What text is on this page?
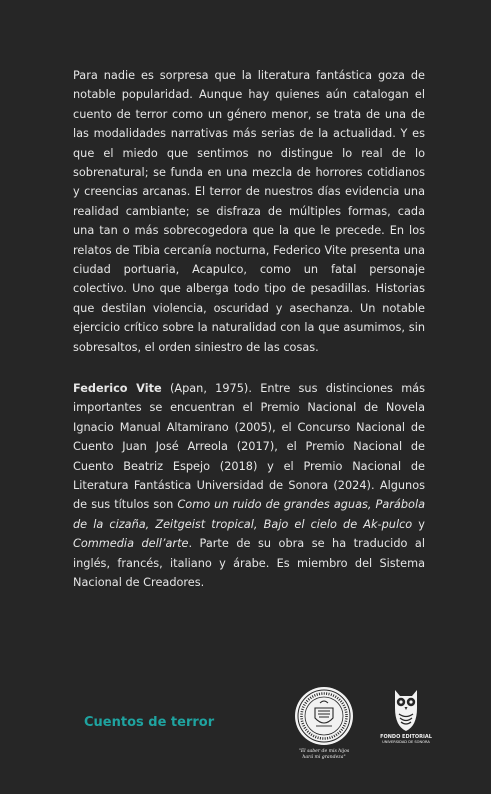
Para nadie es sorpresa que la literatura fantástica goza de notable popularidad. Aunque hay quienes aún catalogan el cuento de terror como un género menor, se trata de una de las modalidades narrativas más serias de la actualidad. Y es que el miedo que sentimos no distingue lo real de lo sobrenatural; se funda en una mezcla de horrores cotidianos y creencias arcanas. El terror de nuestros días evidencia una realidad cambiante; se disfraza de múltiples formas, cada una tan o más sobrecogedora que la que le precede. En los relatos de Tibia cercanía nocturna, Federico Vite presenta una ciudad portuaria, Acapulco, como un fatal personaje colectivo. Uno que alberga todo tipo de pesadillas. Historias que destilan violencia, oscuridad y asechanza. Un notable ejercicio crítico sobre la naturalidad con la que asumimos, sin sobresaltos, el orden siniestro de las cosas.

Federico Vite (Apan, 1975). Entre sus distinciones más importantes se encuentran el Premio Nacional de Novela Ignacio Manual Altamirano (2005), el Concurso Nacional de Cuento Juan José Arreola (2017), el Premio Nacional de Cuento Beatriz Espejo (2018) y el Premio Nacional de Literatura Fantástica Universidad de Sonora (2024). Algunos de sus títulos son Como un ruido de grandes aguas, Parábola de la cizaña, Zeitgeist tropical, Bajo el cielo de Ak-pulco y Commedia dell’arte. Parte de su obra se ha traducido al inglés, francés, italiano y árabe. Es miembro del Sistema Nacional de Creadores.

Cuentos de terror
"El saber de mis hijos
hará mi grandeza"
FONDO EDITORIAL
UNIVERSIDAD DE SONORA
